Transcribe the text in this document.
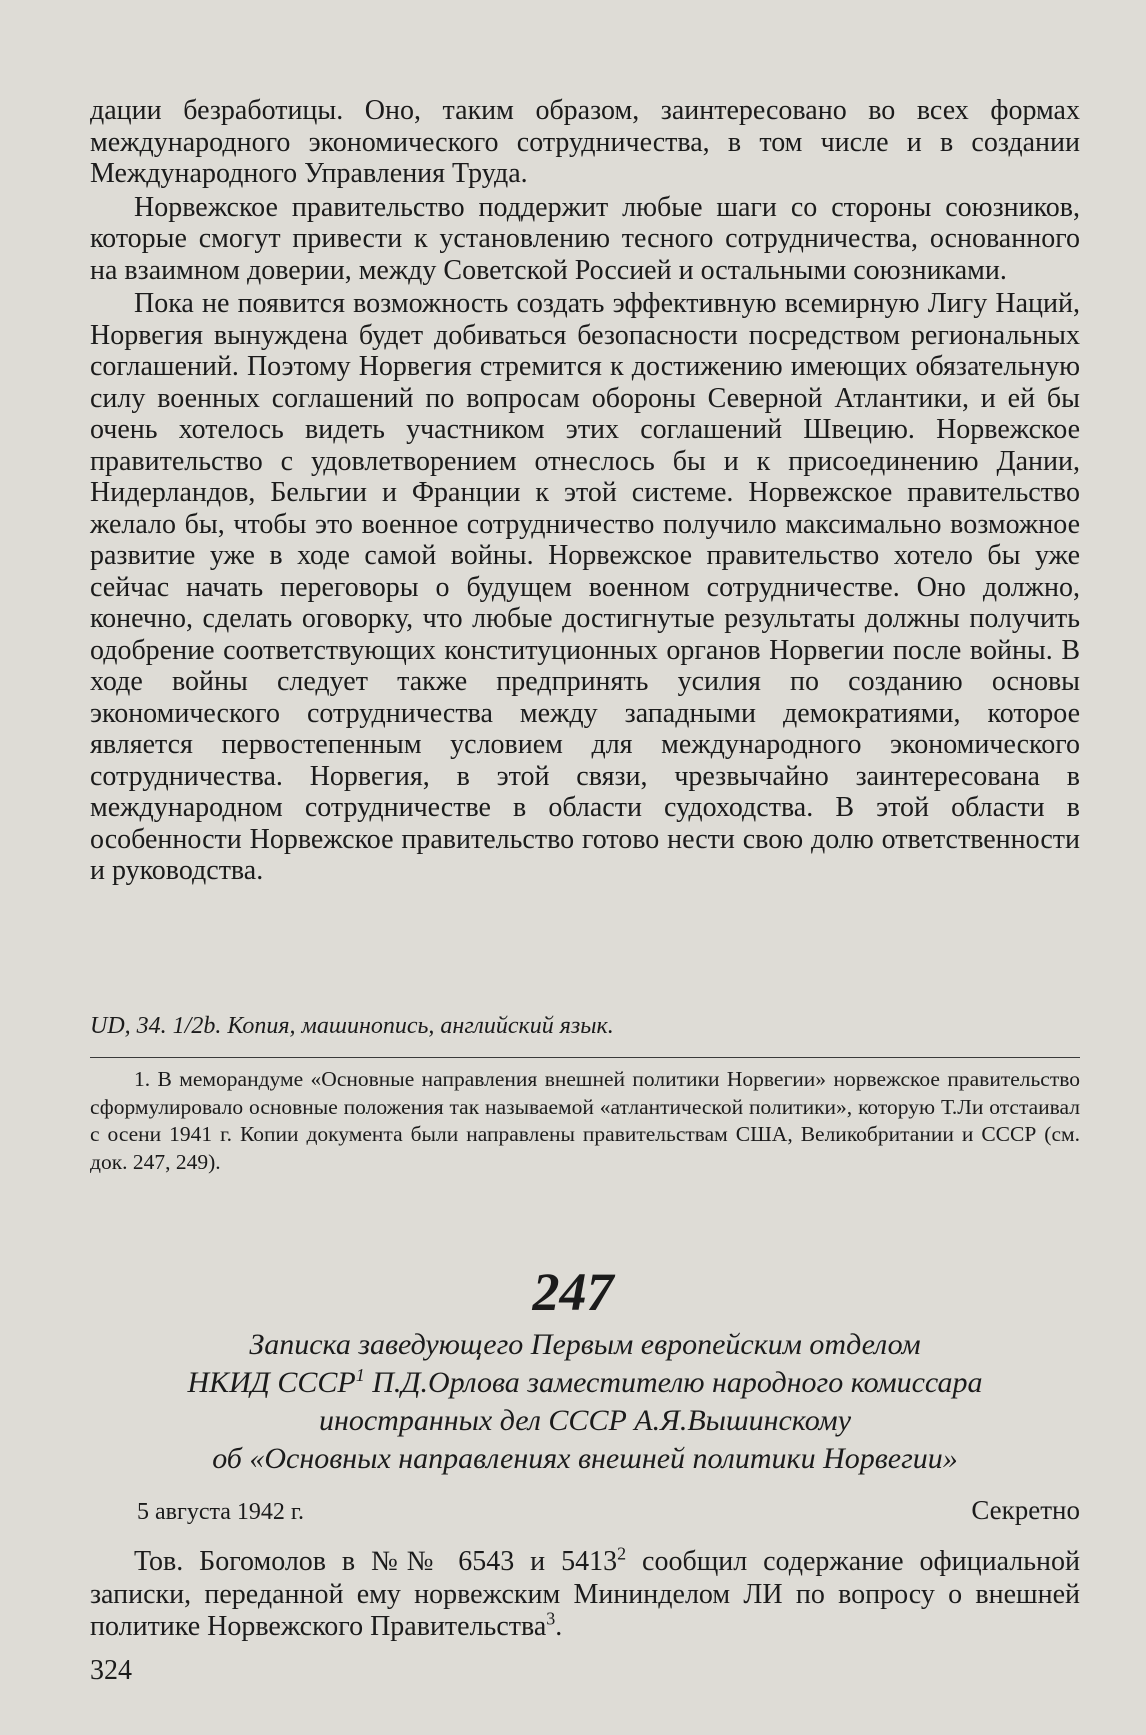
дации безработицы. Оно, таким образом, заинтересовано во всех формах международного экономического сотрудничества, в том числе и в создании Международного Управления Труда.

Норвежское правительство поддержит любые шаги со стороны союзников, которые смогут привести к установлению тесного сотрудничества, основанного на взаимном доверии, между Советской Россией и остальными союзниками.

Пока не появится возможность создать эффективную всемирную Лигу Наций, Норвегия вынуждена будет добиваться безопасности посредством региональных соглашений. Поэтому Норвегия стремится к достижению имеющих обязательную силу военных соглашений по вопросам обороны Северной Атлантики, и ей бы очень хотелось видеть участником этих соглашений Швецию. Норвежское правительство с удовлетворением отнеслось бы и к присоединению Дании, Нидерландов, Бельгии и Франции к этой системе. Норвежское правительство желало бы, чтобы это военное сотрудничество получило максимально возможное развитие уже в ходе самой войны. Норвежское правительство хотело бы уже сейчас начать переговоры о будущем военном сотрудничестве. Оно должно, конечно, сделать оговорку, что любые достигнутые результаты должны получить одобрение соответствующих конституционных органов Норвегии после войны. В ходе войны следует также предпринять усилия по созданию основы экономического сотрудничества между западными демократиями, которое является первостепенным условием для международного экономического сотрудничества. Норвегия, в этой связи, чрезвычайно заинтересована в международном сотрудничестве в области судоходства. В этой области в особенности Норвежское правительство готово нести свою долю ответственности и руководства.

UD, 34. 1/2b. Копия, машинопись, английский язык.

1. В меморандуме «Основные направления внешней политики Норвегии» норвежское правительство сформулировало основные положения так называемой «атлантической политики», которую Т.Ли отстаивал с осени 1941 г. Копии документа были направлены правительствам США, Великобритании и СССР (см. док. 247, 249).

247
Записка заведующего Первым европейским отделом
НКИД СССР$^1$ П.Д.Орлова заместителю народного комиссара
иностранных дел СССР А.Я.Вышинскому
об «Основных направлениях внешней политики Норвегии»
5 августа 1942 г.	Секретно

Тов. Богомолов в №№ 6543 и 5413$^2$ сообщил содержание официальной записки, переданной ему норвежским Мининделом ЛИ по вопросу о внешней политике Норвежского Правительства$^3$.

324
